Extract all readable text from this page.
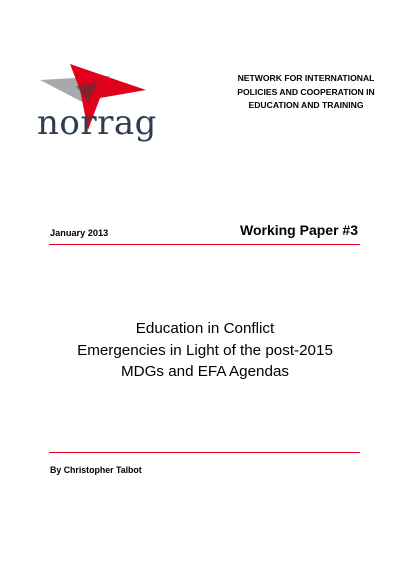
norrag
NETWORK FOR INTERNATIONAL
POLICIES AND COOPERATION IN
EDUCATION AND TRAINING
January 2013	Working Paper #3
Education in Conflict
Emergencies in Light of the post-2015
MDGs and EFA Agendas
By Christopher Talbot
